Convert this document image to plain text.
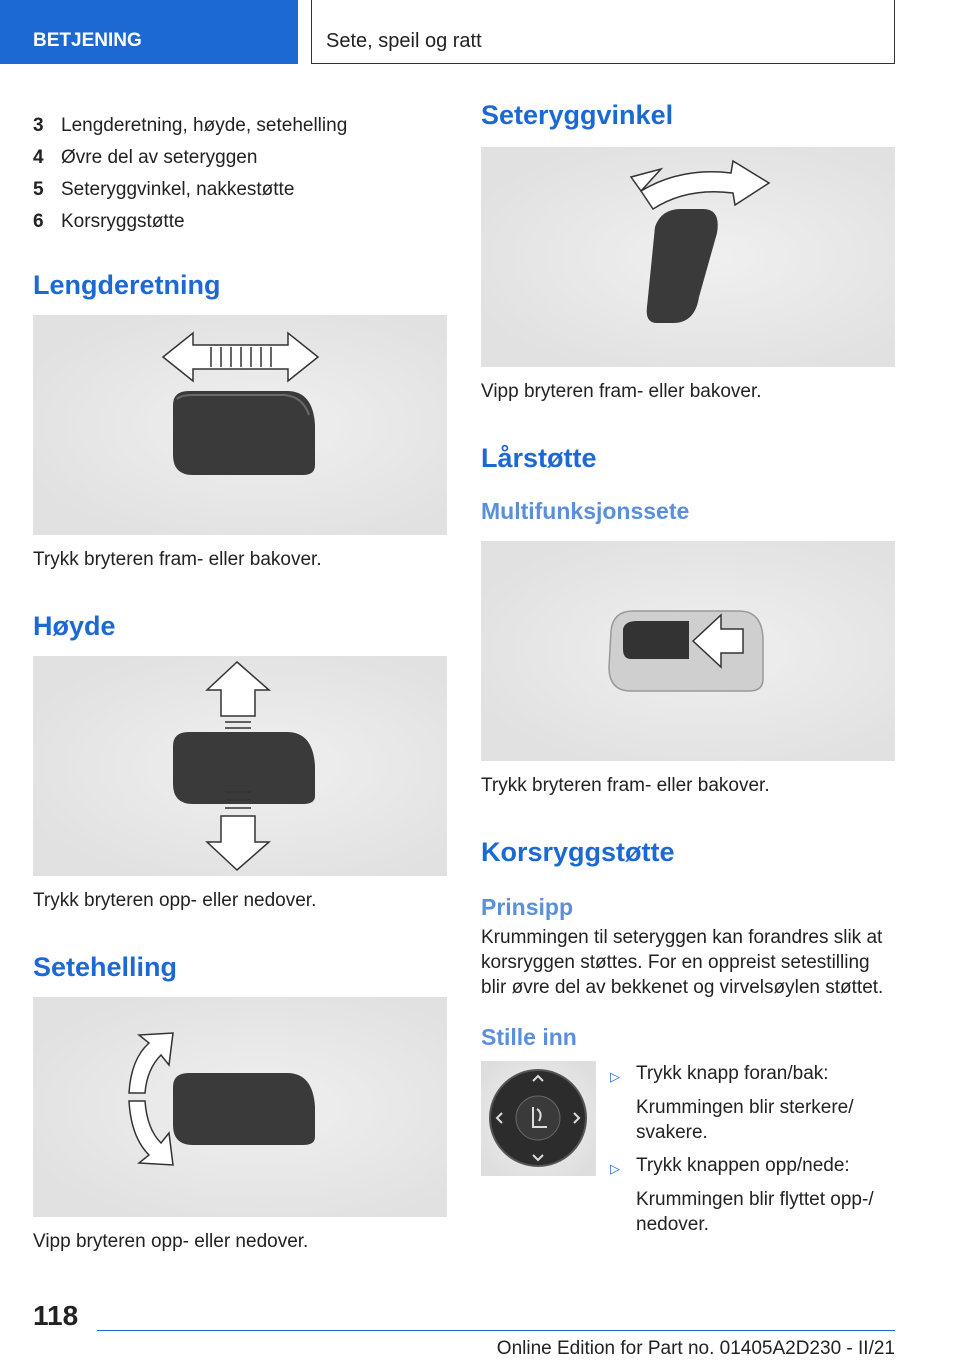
BETJENING	Sete, speil og ratt
3 Lengderetning, høyde, setehelling
4 Øvre del av seteryggen
5 Seteryggvinkel, nakkestøtte
6 Korsryggstøtte
Lengderetning

Trykk bryteren fram- eller bakover.

Høyde

Trykk bryteren opp- eller nedover.

Setehelling

Vipp bryteren opp- eller nedover.

Seteryggvinkel

Vipp bryteren fram- eller bakover.

Lårstøtte
Multifunksjonssete

Trykk bryteren fram- eller bakover.

Korsryggstøtte
Prinsipp

Krummingen til seteryggen kan forandres slik at korsryggen støttes. For en oppreist setestilling blir øvre del av bekkenet og virvelsøylen støttet.

Stille inn
▷ Trykk knapp foran/bak:
Krummingen blir sterkere/ svakere.
▷ Trykk knappen opp/nede:
Krummingen blir flyttet opp-/ nedover.
118
Online Edition for Part no. 01405A2D230 - II/21
